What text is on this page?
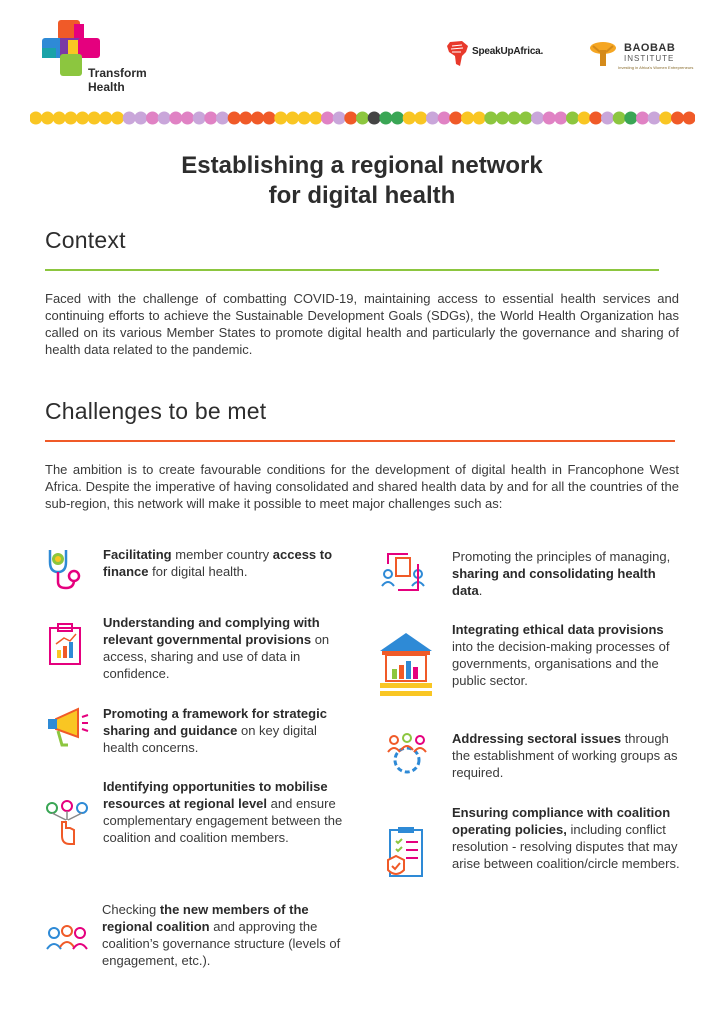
Transform
Health
SpeakUpAfrica.	BAOBAB
INSTITUTE
Investing in Africa's Women Entrepreneurs
Establishing a regional network
for digital health
Context
Faced with the challenge of combatting COVID-19, maintaining access to essential health services and continuing efforts to achieve the Sustainable Development Goals (SDGs), the World Health Organization has called on its various Member States to promote digital health and particularly the governance and sharing of health data related to the pandemic.
Challenges to be met
The ambition is to create favourable conditions for the development of digital health in Francophone West Africa. Despite the imperative of having consolidated and shared health data by and for all the countries of the sub-region, this network will make it possible to meet major challenges such as:
Facilitating member country access to finance for digital health.
Understanding and complying with relevant governmental provisions on access, sharing and use of data in confidence.
Promoting a framework for strategic sharing and guidance on key digital health concerns.
Identifying opportunities to mobilise resources at regional level and ensure complementary engagement between the coalition and coalition members.
Checking the new members of the regional coalition and approving the coalition’s governance structure (levels of engagement, etc.).
Promoting the principles of managing, sharing and consolidating health data.
Integrating ethical data provisions into the decision-making processes of governments, organisations and the public sector.
Addressing sectoral issues through the establishment of working groups as required.
Ensuring compliance with coalition operating policies, including conflict resolution - resolving disputes that may arise between coalition/circle members.
